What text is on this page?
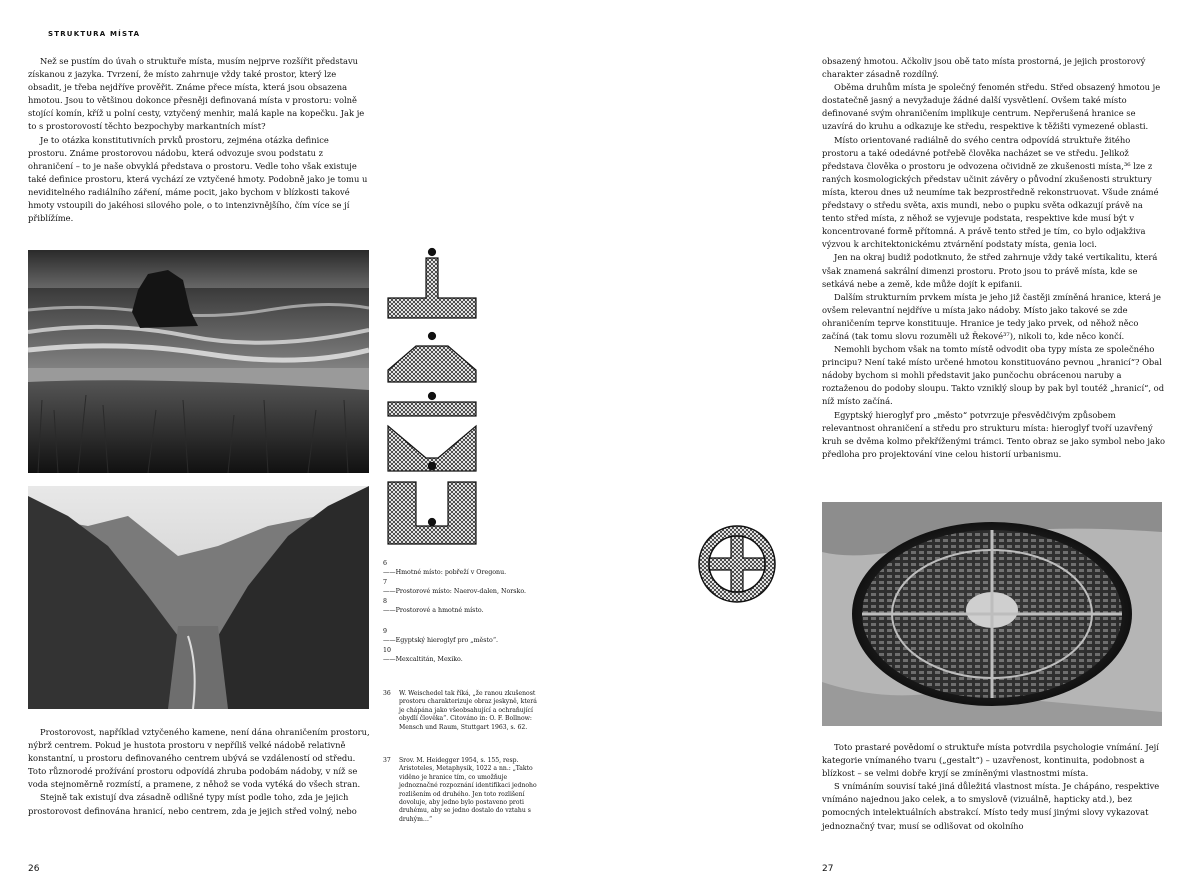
STRUKTURA MÍSTA

Než se pustím do úvah o struktuře místa, musím nejprve rozšířit představu získanou z jazyka. Tvrzení, že místo zahrnuje vždy také prostor, který lze obsadit, je třeba nejdříve prověřit. Známe přece místa, která jsou obsazena hmotou. Jsou to většinou dokonce přesněji definovaná místa v prostoru: volně stojící komín, kříž u polní cesty, vztyčený menhir, malá kaple na kopečku. Jak je to s prostorovostí těchto bezpochyby markantních míst?

Je to otázka konstitutivních prvků prostoru, zejména otázka definice prostoru. Známe prostorovou nádobu, která odvozuje svou podstatu z ohraničení – to je naše obvyklá představa o prostoru. Vedle toho však existuje také definice prostoru, která vychází ze vztyčené hmoty. Podobně jako je tomu u neviditelného radiálního záření, máme pocit, jako bychom v blízkosti takové hmoty vstoupili do jakéhosi silového pole, o to intenzivnějšího, čím více se jí přiblížíme.

6
——Hmotné místo: pobřeží v Oregonu.
7
——Prostorové místo: Naerov-dalen, Norsko.
8
——Prostorové a hmotné místo.
9
——Egyptský hieroglyf pro „město“.
10
——Mexcaltitán, Mexiko.
36 W. Weischedel tak říká, „že ranou zkušenost prostoru charakterizuje obraz jeskyně, která je chápána jako všeobsahující a ochraňující obydlí člověka“. Citováno in: O. F. Bollnow: Mensch und Raum, Stuttgart 1963, s. 62.
37 Srov. M. Heidegger 1954, s. 155, resp. Aristoteles, Metaphysik, 1022 a nn.: „Takto viděno je hranice tím, co umožňuje jednoznačné rozpoznání identifikaci jednoho rozlišením od druhého. Jen toto rozlišení dovoluje, aby jedno bylo postaveno proti druhému, aby se jedno dostalo do vztahu s druhým…“

Prostorovost, například vztyčeného kamene, není dána ohraničením prostoru, nýbrž centrem. Pokud je hustota prostoru v nepříliš velké nádobě relativně konstantní, u prostoru definovaného centrem ubývá se vzdáleností od středu. Toto různorodé prožívání prostoru odpovídá zhruba podobám nádoby, v níž se voda stejnoměrně rozmístí, a pramene, z něhož se voda vytéká do všech stran.

Stejně tak existují dva zásadně odlišné typy míst podle toho, zda je jejich prostorovost definována hranicí, nebo centrem, zda je jejich střed volný, nebo

26

obsazený hmotou. Ačkoliv jsou obě tato místa prostorná, je jejich prostorový charakter zásadně rozdílný.

Oběma druhům místa je společný fenomén středu. Střed obsazený hmotou je dostatečně jasný a nevyžaduje žádné další vysvětlení. Ovšem také místo definované svým ohraničením implikuje centrum. Nepřerušená hranice se uzavírá do kruhu a odkazuje ke středu, respektive k těžišti vymezené oblasti.

Místo orientované radiálně do svého centra odpovídá struktuře žitého prostoru a také odedávné potřebě člověka nacházet se ve středu. Jelikož představa člověka o prostoru je odvozena očividně ze zkušenosti místa,³⁶ lze z raných kosmologických představ učinit závěry o původní zkušenosti struktury místa, kterou dnes už neumíme tak bezprostředně rekonstruovat. Všude známé představy o středu světa, axis mundi, nebo o pupku světa odkazují právě na tento střed místa, z něhož se vyjevuje podstata, respektive kde musí být v koncentrované formě přítomná. A právě tento střed je tím, co bylo odjakživa výzvou k architektonickému ztvárnění podstaty místa, genia loci.

Jen na okraj budiž podotknuto, že střed zahrnuje vždy také vertikalitu, která však znamená sakrální dimenzi prostoru. Proto jsou to právě místa, kde se setkává nebe a země, kde může dojít k epifanii.

Dalším strukturním prvkem místa je jeho již častěji zmíněná hranice, která je ovšem relevantní nejdříve u místa jako nádoby. Místo jako takové se zde ohraničením teprve konstituuje. Hranice je tedy jako prvek, od něhož něco začíná (tak tomu slovu rozuměli už Řekové³⁷), nikoli to, kde něco končí.

Nemohli bychom však na tomto místě odvodit oba typy místa ze společného principu? Není také místo určené hmotou konstituováno pevnou „hranicí“? Obal nádoby bychom si mohli představit jako punčochu obrácenou naruby a roztaženou do podoby sloupu. Takto vzniklý sloup by pak byl toutéž „hranicí“, od níž místo začíná.

Egyptský hieroglyf pro „město“ potvrzuje přesvědčivým způsobem relevantnost ohraničení a středu pro strukturu místa: hieroglyf tvoří uzavřený kruh se dvěma kolmo překříženými trámci. Tento obraz se jako symbol nebo jako předloha pro projektování vine celou historií urbanismu.

Toto prastaré povědomí o struktuře místa potvrdila psychologie vnímání. Její kategorie vnímaného tvaru („gestalt“) – uzavřenost, kontinuita, podobnost a blízkost – se velmi dobře kryjí se zmíněnými vlastnostmi místa.

S vnímáním souvisí také jiná důležitá vlastnost místa. Je chápáno, respektive vnímáno najednou jako celek, a to smyslově (vizuálně, hapticky atd.), bez pomocných intelektuálních abstrakcí. Místo tedy musí jinými slovy vykazovat jednoznačný tvar, musí se odlišovat od okolního

27
